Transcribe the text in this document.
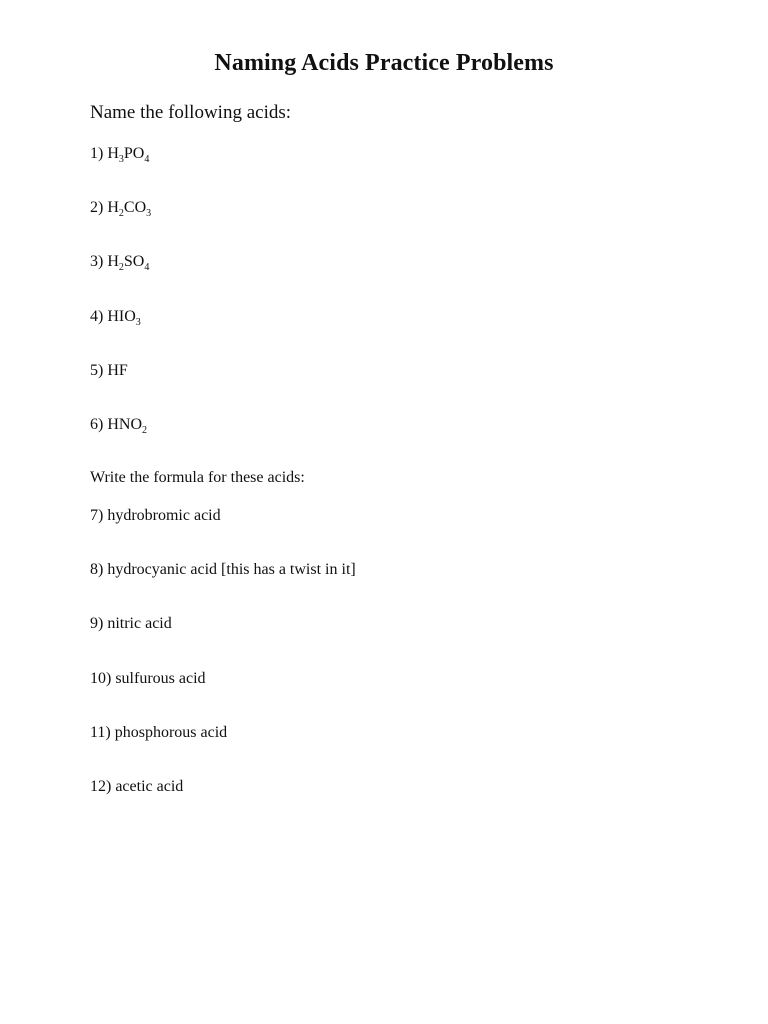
Naming Acids Practice Problems
Name the following acids:
1) $H_3PO_4$
2) $H_2CO_3$
3) $H_2SO_4$
4) $HIO_3$
5) HF
6) $HNO_2$
Write the formula for these acids:
7) hydrobromic acid
8) hydrocyanic acid [this has a twist in it]
9) nitric acid
10) sulfurous acid
11) phosphorous acid
12) acetic acid
